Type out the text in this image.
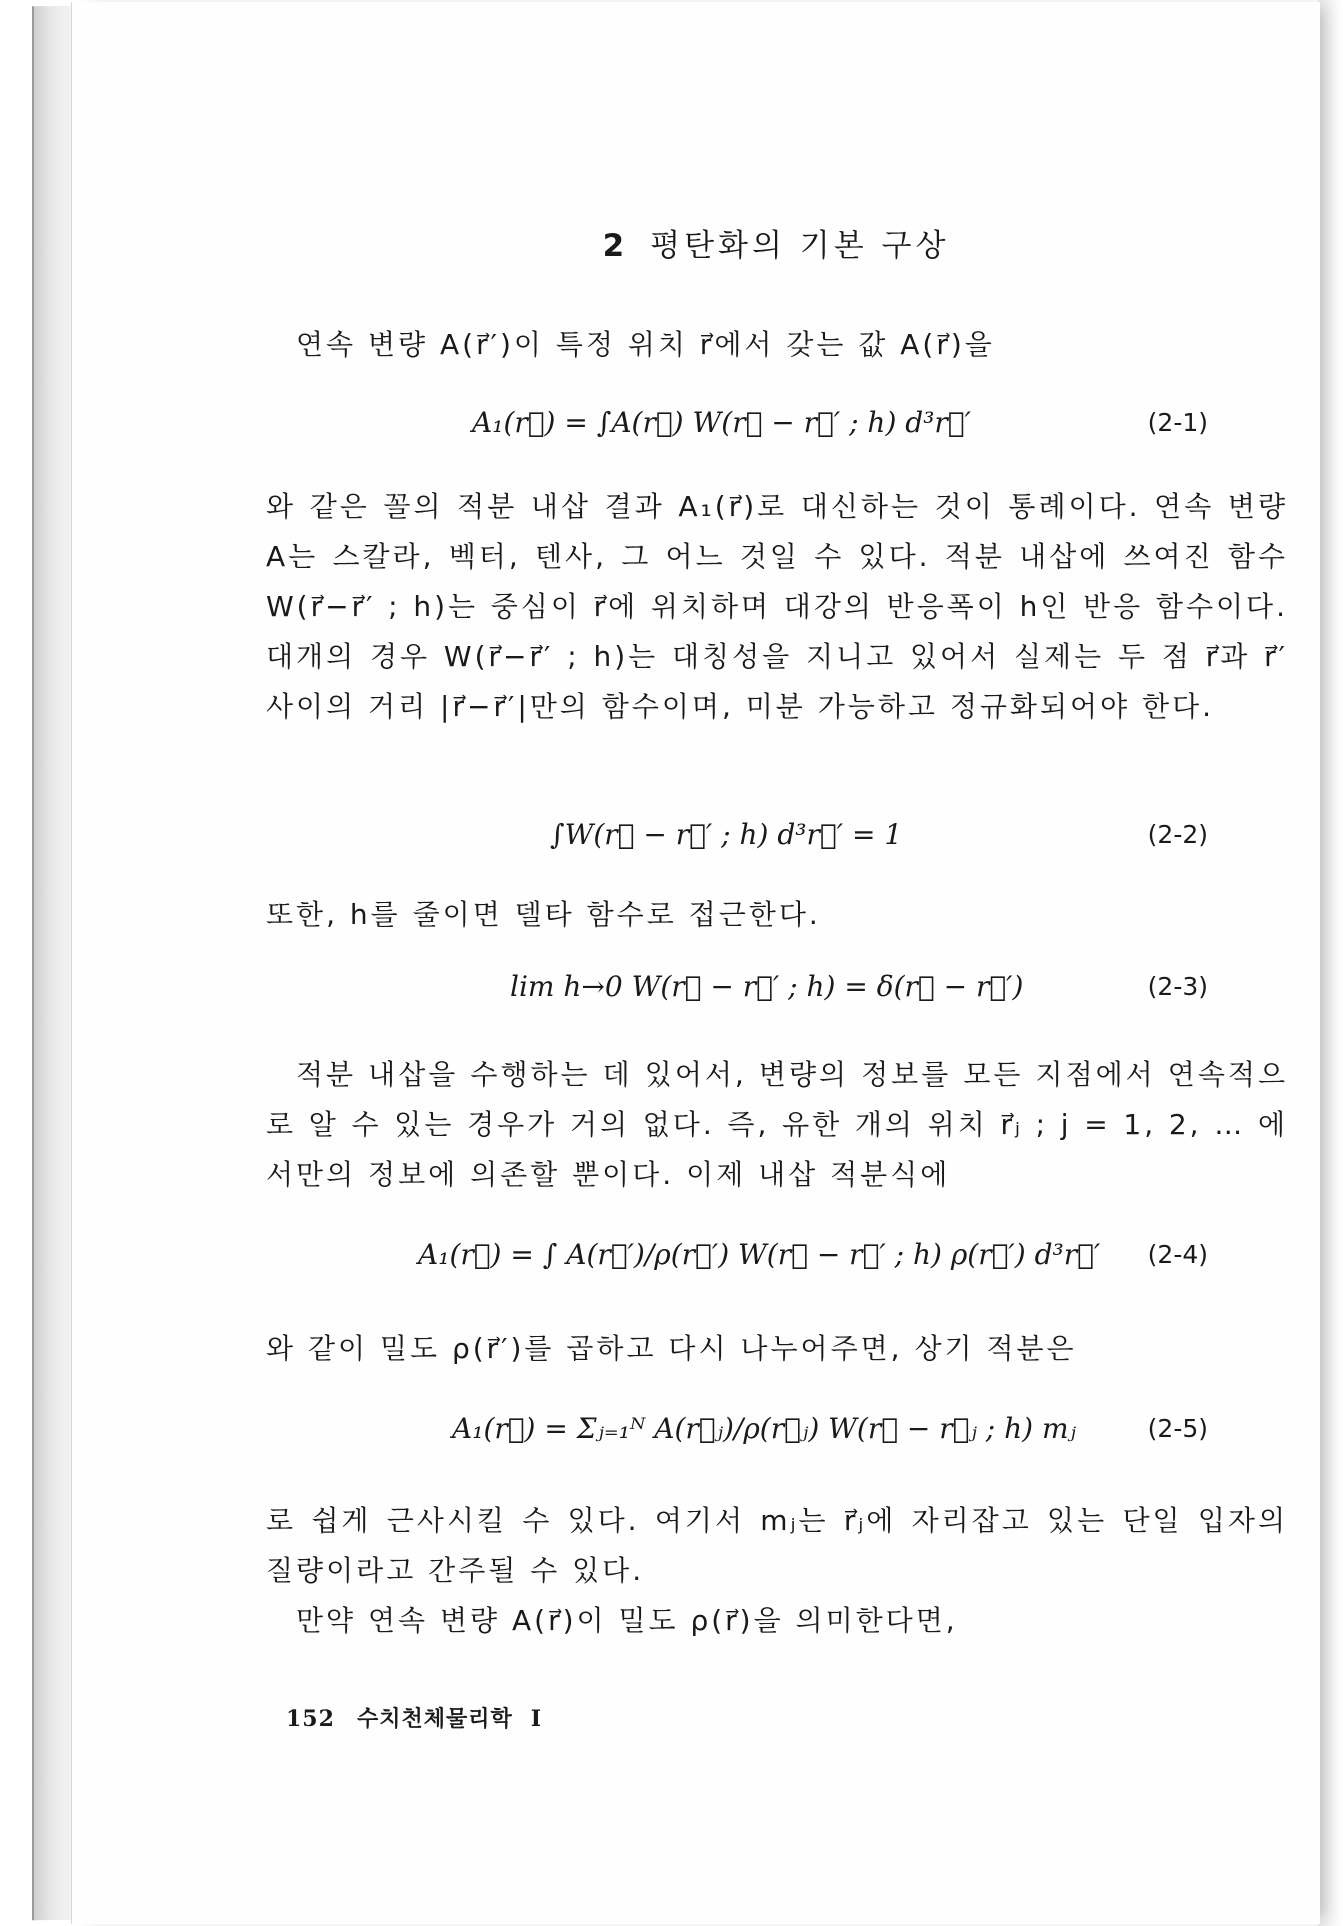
2 평탄화의 기본 구상

연속 변량 A(r⃗′)이 특정 위치 r⃗에서 갖는 값 A(r⃗)을

A₁(r⃗) = ∫A(r⃗) W(r⃗ − r⃗′ ; h) d³r⃗′	(2-1)

와 같은 꼴의 적분 내삽 결과 A₁(r⃗)로 대신하는 것이 통례이다. 연속 변량 A는 스칼라, 벡터, 텐사, 그 어느 것일 수 있다. 적분 내삽에 쓰여진 함수 W(r⃗−r⃗′ ; h)는 중심이 r⃗에 위치하며 대강의 반응폭이 h인 반응 함수이다. 대개의 경우 W(r⃗−r⃗′ ; h)는 대칭성을 지니고 있어서 실제는 두 점 r⃗과 r⃗′ 사이의 거리 |r⃗−r⃗′|만의 함수이며, 미분 가능하고 정규화되어야 한다.

∫W(r⃗ − r⃗′ ; h) d³r⃗′ = 1	(2-2)

또한, h를 줄이면 델타 함수로 접근한다.

lim h→0 W(r⃗ − r⃗′ ; h) = δ(r⃗ − r⃗′)	(2-3)

적분 내삽을 수행하는 데 있어서, 변량의 정보를 모든 지점에서 연속적으로 알 수 있는 경우가 거의 없다. 즉, 유한 개의 위치 r⃗ⱼ ; j = 1, 2, … 에서만의 정보에 의존할 뿐이다. 이제 내삽 적분식에

A₁(r⃗) = ∫ A(r⃗′)/ρ(r⃗′) W(r⃗ − r⃗′ ; h) ρ(r⃗′) d³r⃗′ (2-4)

와 같이 밀도 ρ(r⃗′)를 곱하고 다시 나누어주면, 상기 적분은

A₁(r⃗) = Σⱼ₌₁ᴺ A(r⃗ⱼ)/ρ(r⃗ⱼ) W(r⃗ − r⃗ⱼ ; h) mⱼ	(2-5)

로 쉽게 근사시킬 수 있다. 여기서 mⱼ는 r⃗ⱼ에 자리잡고 있는 단일 입자의 질량이라고 간주될 수 있다.

만약 연속 변량 A(r⃗)이 밀도 ρ(r⃗)을 의미한다면,

152 수치천체물리학 I
